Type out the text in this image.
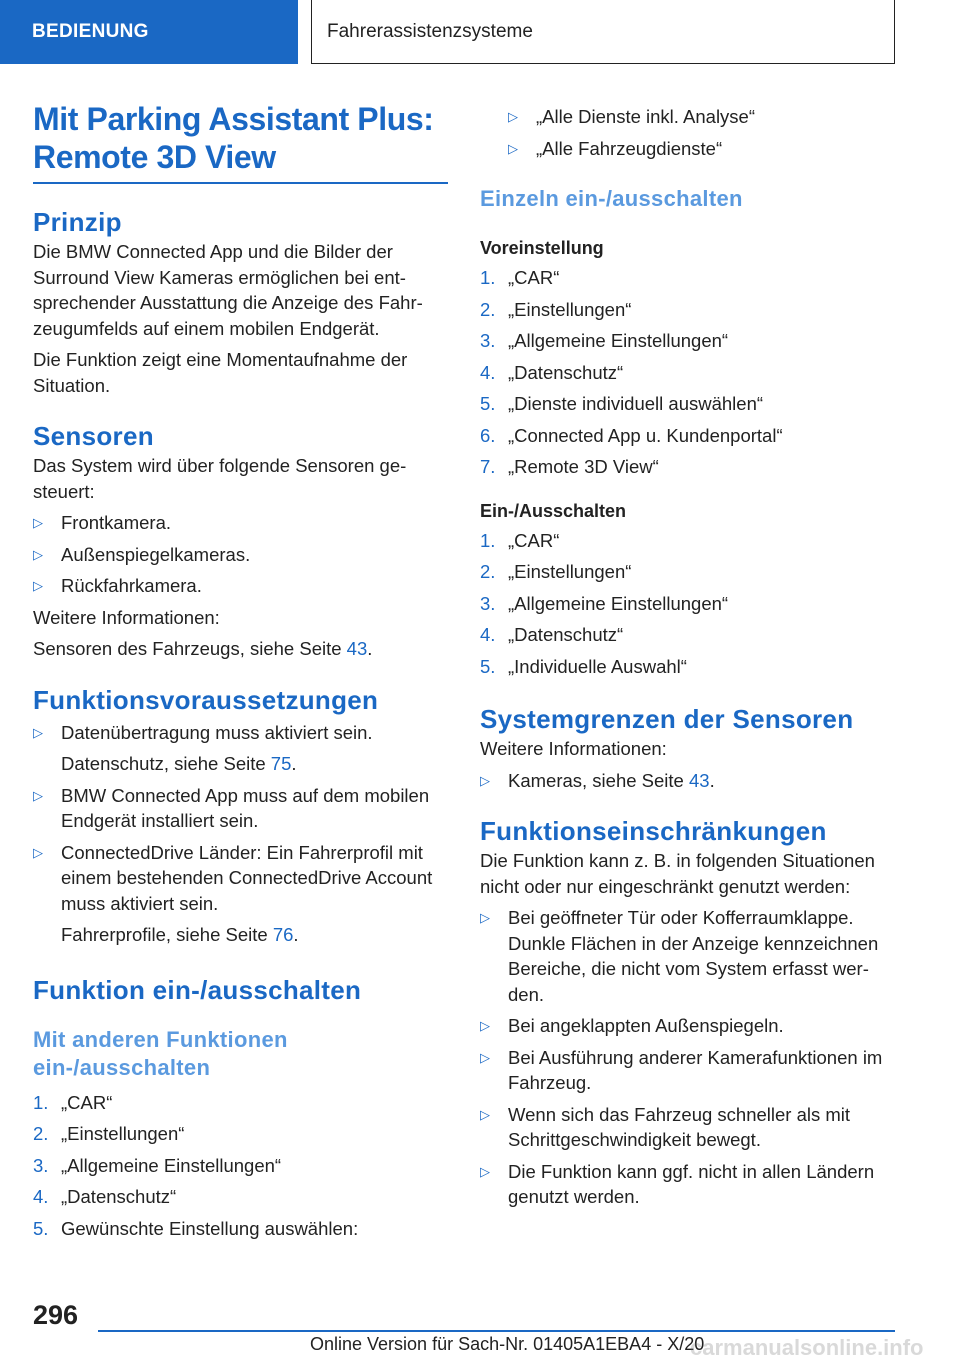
BEDIENUNG	Fahrerassistenzsysteme
Mit Parking Assistant Plus:
Remote 3D View
Prinzip

Die BMW Connected App und die Bilder der Surround View Kameras ermöglichen bei entsprechender Ausstattung die Anzeige des Fahrzeugumfelds auf einem mobilen Endgerät.

Die Funktion zeigt eine Momentaufnahme der Situation.

Sensoren

Das System wird über folgende Sensoren gesteuert:

▷ Frontkamera.
▷ Außenspiegelkameras.
▷ Rückfahrkamera.

Weitere Informationen:

Sensoren des Fahrzeugs, siehe Seite 43.

Funktionsvoraussetzungen
▷ Datenübertragung muss aktiviert sein.
Datenschutz, siehe Seite 75.
▷ BMW Connected App muss auf dem mobilen Endgerät installiert sein.
▷ ConnectedDrive Länder: Ein Fahrerprofil mit einem bestehenden ConnectedDrive Account muss aktiviert sein.
Fahrerprofile, siehe Seite 76.
Funktion ein-/ausschalten
Mit anderen Funktionen ein-/ausschalten
1. „CAR“
2. „Einstellungen“
3. „Allgemeine Einstellungen“
4. „Datenschutz“
5. Gewünschte Einstellung auswählen:
▷ „Alle Dienste inkl. Analyse“
▷ „Alle Fahrzeugdienste“
Einzeln ein-/ausschalten
Voreinstellung
1. „CAR“
2. „Einstellungen“
3. „Allgemeine Einstellungen“
4. „Datenschutz“
5. „Dienste individuell auswählen“
6. „Connected App u. Kundenportal“
7. „Remote 3D View“
Ein-/Ausschalten
1. „CAR“
2. „Einstellungen“
3. „Allgemeine Einstellungen“
4. „Datenschutz“
5. „Individuelle Auswahl“
Systemgrenzen der Sensoren

Weitere Informationen:

▷ Kameras, siehe Seite 43.
Funktionseinschränkungen

Die Funktion kann z. B. in folgenden Situationen nicht oder nur eingeschränkt genutzt werden:

▷ Bei geöffneter Tür oder Kofferraumklappe. Dunkle Flächen in der Anzeige kennzeichnen Bereiche, die nicht vom System erfasst werden.
▷ Bei angeklappten Außenspiegeln.
▷ Bei Ausführung anderer Kamerafunktionen im Fahrzeug.
▷ Wenn sich das Fahrzeug schneller als mit Schrittgeschwindigkeit bewegt.
▷ Die Funktion kann ggf. nicht in allen Ländern genutzt werden.
296
Online Version für Sach-Nr. 01405A1EBA4 - X/20
carmanualsonline.info
